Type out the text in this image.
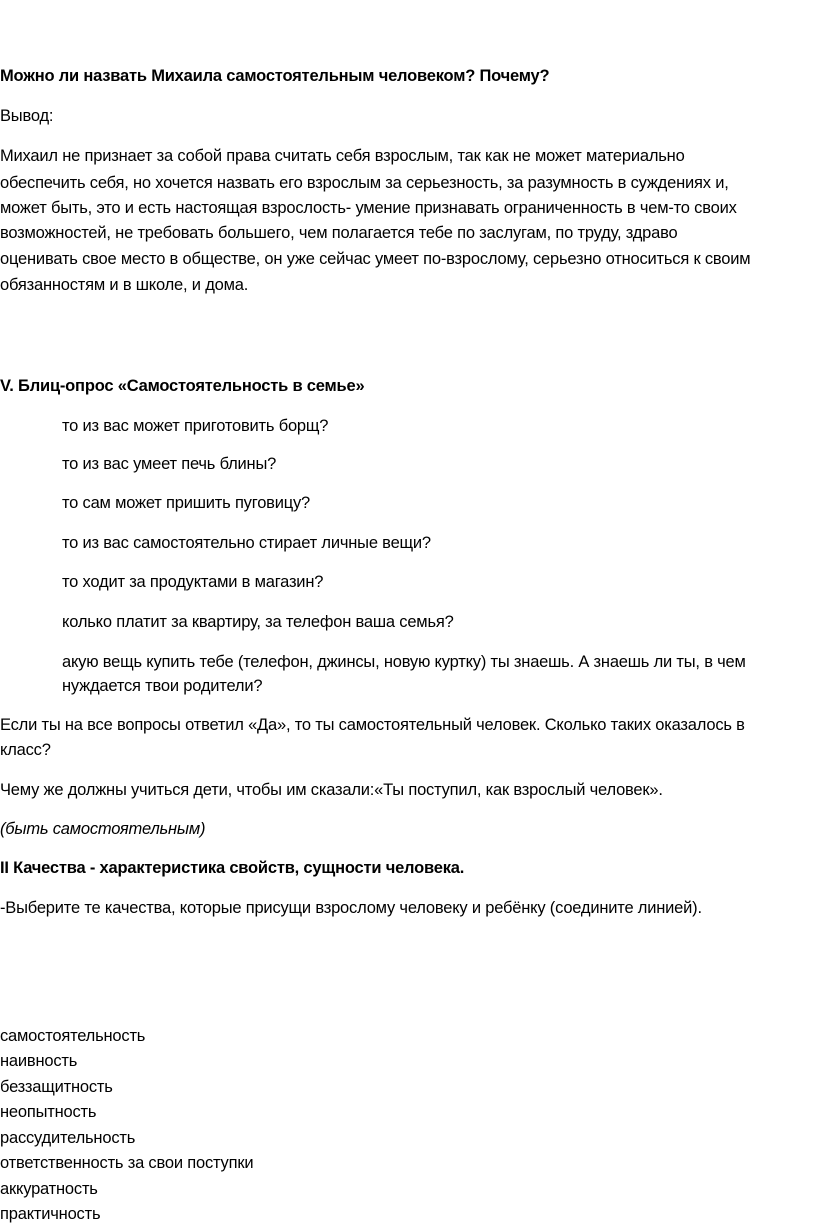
Можно ли назвать Михаила самостоятельным человеком? Почему?
Вывод:
Михаил не признает за собой права считать себя взрослым, так как не может материально
обеспечить себя, но хочется назвать его взрослым за серьезность, за разумность в суждениях и,
может быть, это и есть настоящая взрослость- умение признавать ограниченность в чем-то своих
возможностей, не требовать большего, чем полагается тебе по заслугам, по труду, здраво
оценивать свое место в обществе, он уже сейчас умеет по-взрослому, серьезно относиться к своим
обязанностям и в школе, и дома.
V. Блиц-опрос «Самостоятельность в семье»
то из вас может приготовить борщ?
то из вас умеет печь блины?
то сам может пришить пуговицу?
то из вас самостоятельно стирает личные вещи?
то ходит за продуктами в магазин?
колько платит за квартиру, за телефон ваша семья?
акую вещь купить тебе (телефон, джинсы, новую куртку) ты знаешь. А знаешь ли ты, в чем
нуждается твои родители?
Если ты на все вопросы ответил «Да», то ты самостоятельный человек. Сколько таких оказалось в
класс?
Чему же должны учиться дети, чтобы им сказали:«Ты поступил, как взрослый человек».
(быть самостоятельным)
II Качества - характеристика свойств, сущности человека.
-Выберите те качества, которые присущи взрослому человеку и ребёнку (соедините линией).
самостоятельность
наивность
беззащитность
неопытность
рассудительность
ответственность за свои поступки
аккуратность
практичность
